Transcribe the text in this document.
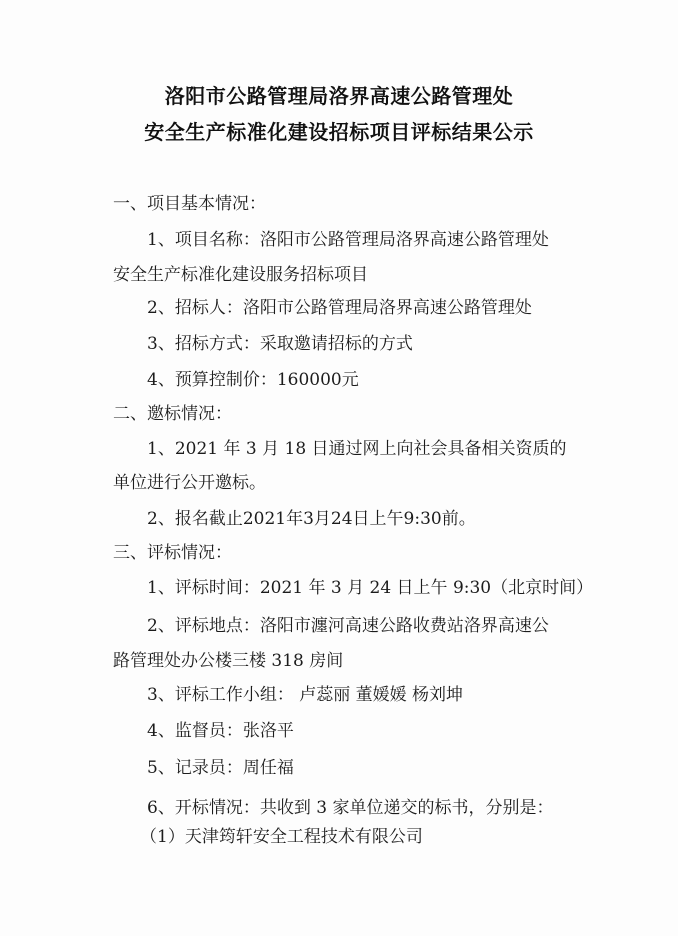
洛阳市公路管理局洛界高速公路管理处
安全生产标准化建设招标项目评标结果公示
一、项目基本情况：
1、项目名称：洛阳市公路管理局洛界高速公路管理处
安全生产标准化建设服务招标项目
2、招标人：洛阳市公路管理局洛界高速公路管理处
3、招标方式：采取邀请招标的方式
4、预算控制价：160000元
二、邀标情况：
1、2021 年 3 月 18 日通过网上向社会具备相关资质的
单位进行公开邀标。
2、报名截止2021年3月24日上午9:30前。
三、评标情况：
1、评标时间：2021 年 3 月 24 日上午 9:30（北京时间）
2、评标地点：洛阳市瀍河高速公路收费站洛界高速公
路管理处办公楼三楼 318 房间
3、评标工作小组： 卢蕊丽 董媛媛 杨刘坤
4、监督员：张洛平
5、记录员：周任福
6、开标情况：共收到 3 家单位递交的标书，分别是：
（1）天津筠轩安全工程技术有限公司
